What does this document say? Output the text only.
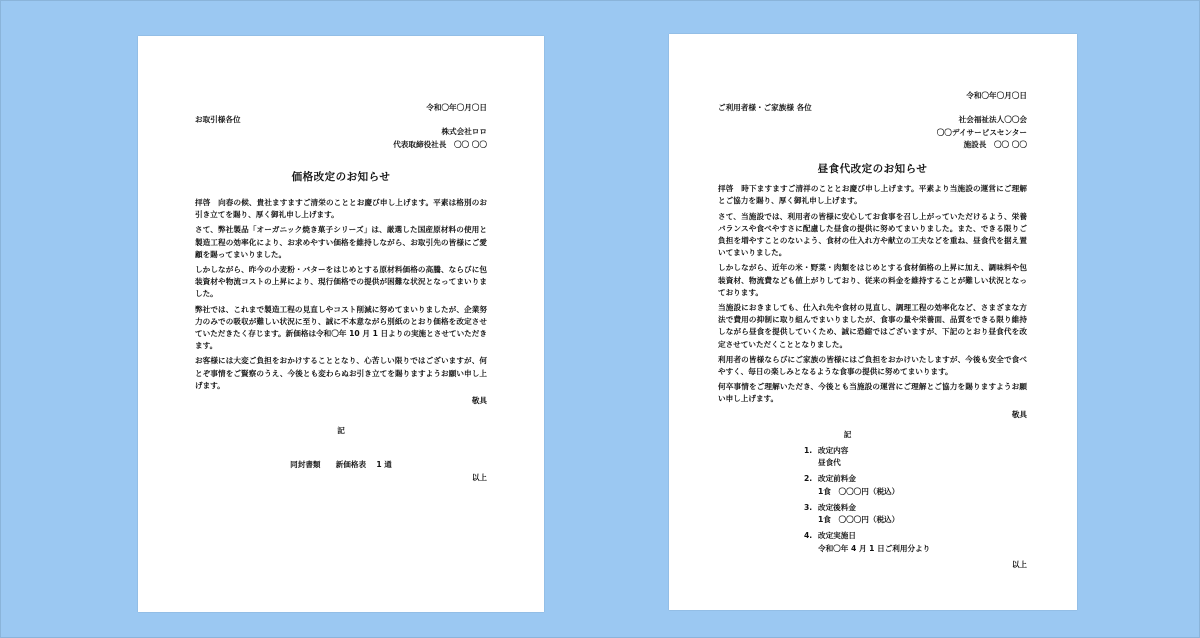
令和〇年〇月〇日
お取引様各位
株式会社ロロ
代表取締役社長　〇〇 〇〇
価格改定のお知らせ
拝啓　向春の候、貴社ますますご清栄のこととお慶び申し上げます。平素は格別のお引き立てを賜り、厚く御礼申し上げます。
さて、弊社製品「オーガニック焼き菓子シリーズ」は、厳選した国産原材料の使用と製造工程の効率化により、お求めやすい価格を維持しながら、お取引先の皆様にご愛顧を賜ってまいりました。
しかしながら、昨今の小麦粉・バターをはじめとする原材料価格の高騰、ならびに包装資材や物流コストの上昇により、現行価格での提供が困難な状況となってまいりました。
弊社では、これまで製造工程の見直しやコスト削減に努めてまいりましたが、企業努力のみでの吸収が難しい状況に至り、誠に不本意ながら別紙のとおり価格を改定させていただきたく存じます。新価格は令和〇年 10 月 1 日よりの実施とさせていただきます。
お客様には大変ご負担をおかけすることとなり、心苦しい限りではございますが、何とぞ事情をご賢察のうえ、今後とも変わらぬお引き立てを賜りますようお願い申し上げます。
敬具
記
同封書類　　新価格表　 1 通
以上
令和〇年〇月〇日
ご利用者様・ご家族様 各位
社会福祉法人〇〇会
〇〇デイサービスセンター
施設長　〇〇 〇〇
昼食代改定のお知らせ
拝啓　時下ますますご清祥のこととお慶び申し上げます。平素より当施設の運営にご理解とご協力を賜り、厚く御礼申し上げます。
さて、当施設では、利用者の皆様に安心してお食事を召し上がっていただけるよう、栄養バランスや食べやすさに配慮した昼食の提供に努めてまいりました。また、できる限りご負担を増やすことのないよう、食材の仕入れ方や献立の工夫などを重ね、昼食代を据え置いてまいりました。
しかしながら、近年の米・野菜・肉類をはじめとする食材価格の上昇に加え、調味料や包装資材、物流費なども値上がりしており、従来の料金を維持することが難しい状況となっております。
当施設におきましても、仕入れ先や食材の見直し、調理工程の効率化など、さまざまな方法で費用の抑制に取り組んでまいりましたが、食事の量や栄養面、品質をできる限り維持しながら昼食を提供していくため、誠に恐縮ではございますが、下記のとおり昼食代を改定させていただくこととなりました。
利用者の皆様ならびにご家族の皆様にはご負担をおかけいたしますが、今後も安全で食べやすく、毎日の楽しみとなるような食事の提供に努めてまいります。
何卒事情をご理解いただき、今後とも当施設の運営にご理解とご協力を賜りますようお願い申し上げます。
敬具
記
1. 改定内容
昼食代
2. 改定前料金
1食　〇〇〇円（税込）
3. 改定後料金
1食　〇〇〇円（税込）
4. 改定実施日
令和〇年 4 月 1 日ご利用分より
以上
